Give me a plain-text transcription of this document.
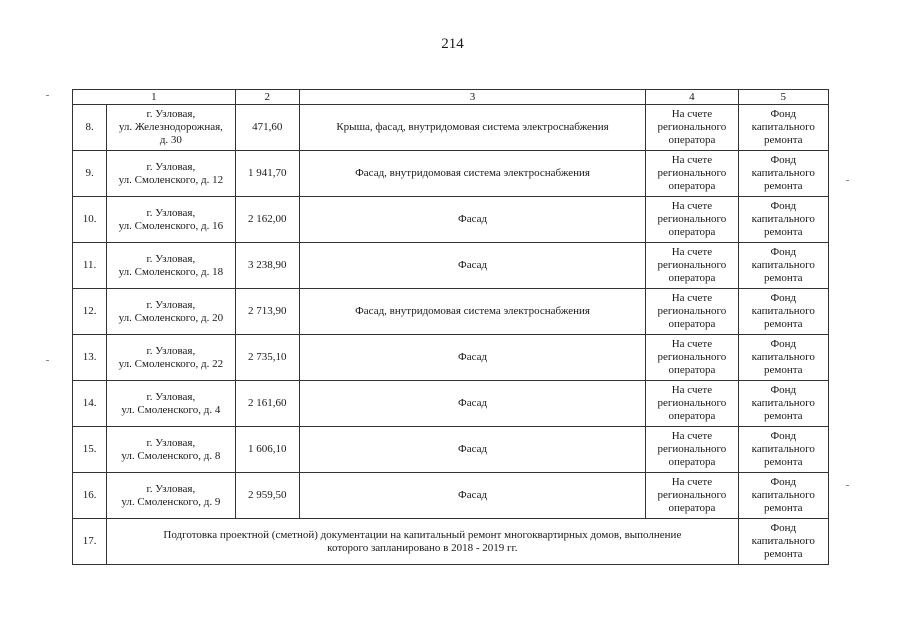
214
1		2	3	4	5
8.	г. Узловая,
ул. Железнодорожная,
д. 30	471,60	Крыша, фасад, внутридомовая система электроснабжения	На счете
регионального
оператора	Фонд
капитального
ремонта

9.	г. Узловая,
ул. Смоленского, д. 12	1 941,70	Фасад, внутридомовая система электроснабжения	На счете
регионального
оператора	Фонд
капитального
ремонта

10.	г. Узловая,
ул. Смоленского, д. 16	2 162,00	Фасад	На счете
регионального
оператора	Фонд
капитального
ремонта

11.	г. Узловая,
ул. Смоленского, д. 18	3 238,90	Фасад	На счете
регионального
оператора	Фонд
капитального
ремонта

12.	г. Узловая,
ул. Смоленского, д. 20	2 713,90	Фасад, внутридомовая система электроснабжения	На счете
регионального
оператора	Фонд
капитального
ремонта

13.	г. Узловая,
ул. Смоленского, д. 22	2 735,10	Фасад	На счете
регионального
оператора	Фонд
капитального
ремонта

14.	г. Узловая,
ул. Смоленского, д. 4	2 161,60	Фасад	На счете
регионального
оператора	Фонд
капитального
ремонта

15.	г. Узловая,
ул. Смоленского, д. 8	1 606,10	Фасад	На счете
регионального
оператора	Фонд
капитального
ремонта

16.	г. Узловая,
ул. Смоленского, д. 9	2 959,50	Фасад	На счете
регионального
оператора	Фонд
капитального
ремонта

17.	Подготовка проектной (сметной) документации на капитальный ремонт многоквартирных домов, выполнение которого запланировано в 2018 - 2019 гг.				Фонд
капитального
ремонта
